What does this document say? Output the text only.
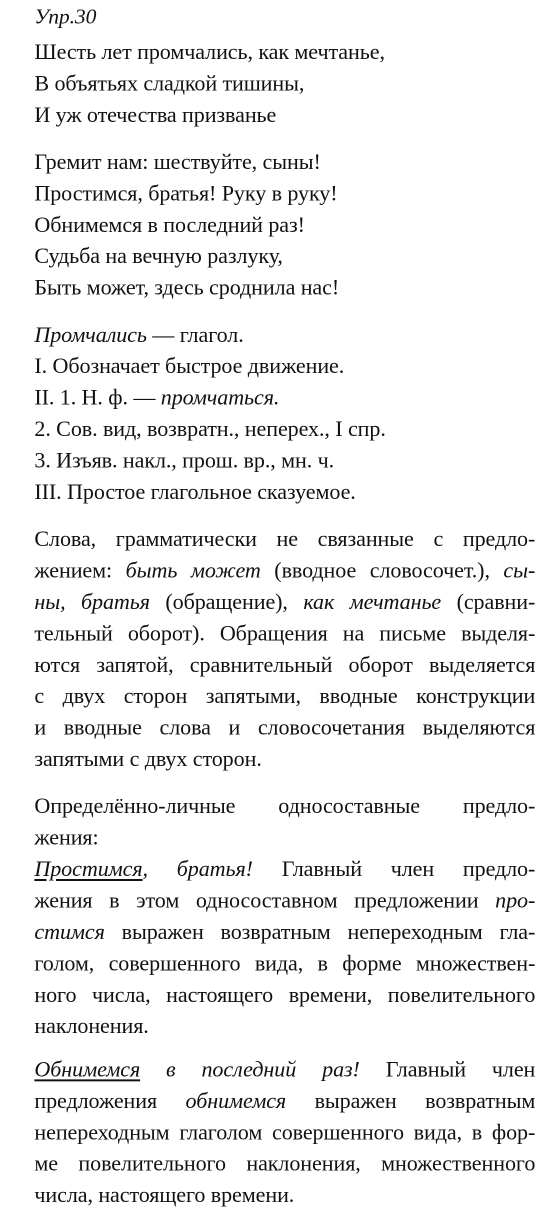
Упр.30
Шесть лет промчались, как мечтанье,
В объятьях сладкой тишины,
И уж отечества призванье
Гремит нам: шествуйте, сыны!
Простимся, братья! Руку в руку!
Обнимемся в последний раз!
Судьба на вечную разлуку,
Быть может, здесь сроднила нас!
Промчались — глагол.
I. Обозначает быстрое движение.
II. 1. Н. ф. — промчаться.
2. Сов. вид, возвратн., неперех., I спр.
3. Изъяв. накл., прош. вр., мн. ч.
III. Простое глагольное сказуемое.
Слова, грамматически не связанные с предло-
жением: быть может (вводное словосочет.), сы-
ны, братья (обращение), как мечтанье (сравни-
тельный оборот). Обращения на письме выделя-
ются запятой, сравнительный оборот выделяется
с двух сторон запятыми, вводные конструкции
и вводные слова и словосочетания выделяются
запятыми с двух сторон.
Определённо-личные односоставные предло-
жения:
Простимся, братья! Главный член предло-
жения в этом односоставном предложении про-
стимся выражен возвратным непереходным гла-
голом, совершенного вида, в форме множествен-
ного числа, настоящего времени, повелительного
наклонения.
Обнимемся в последний раз! Главный член
предложения обнимемся выражен возвратным
непереходным глаголом совершенного вида, в фор-
ме повелительного наклонения, множественного
числа, настоящего времени.
